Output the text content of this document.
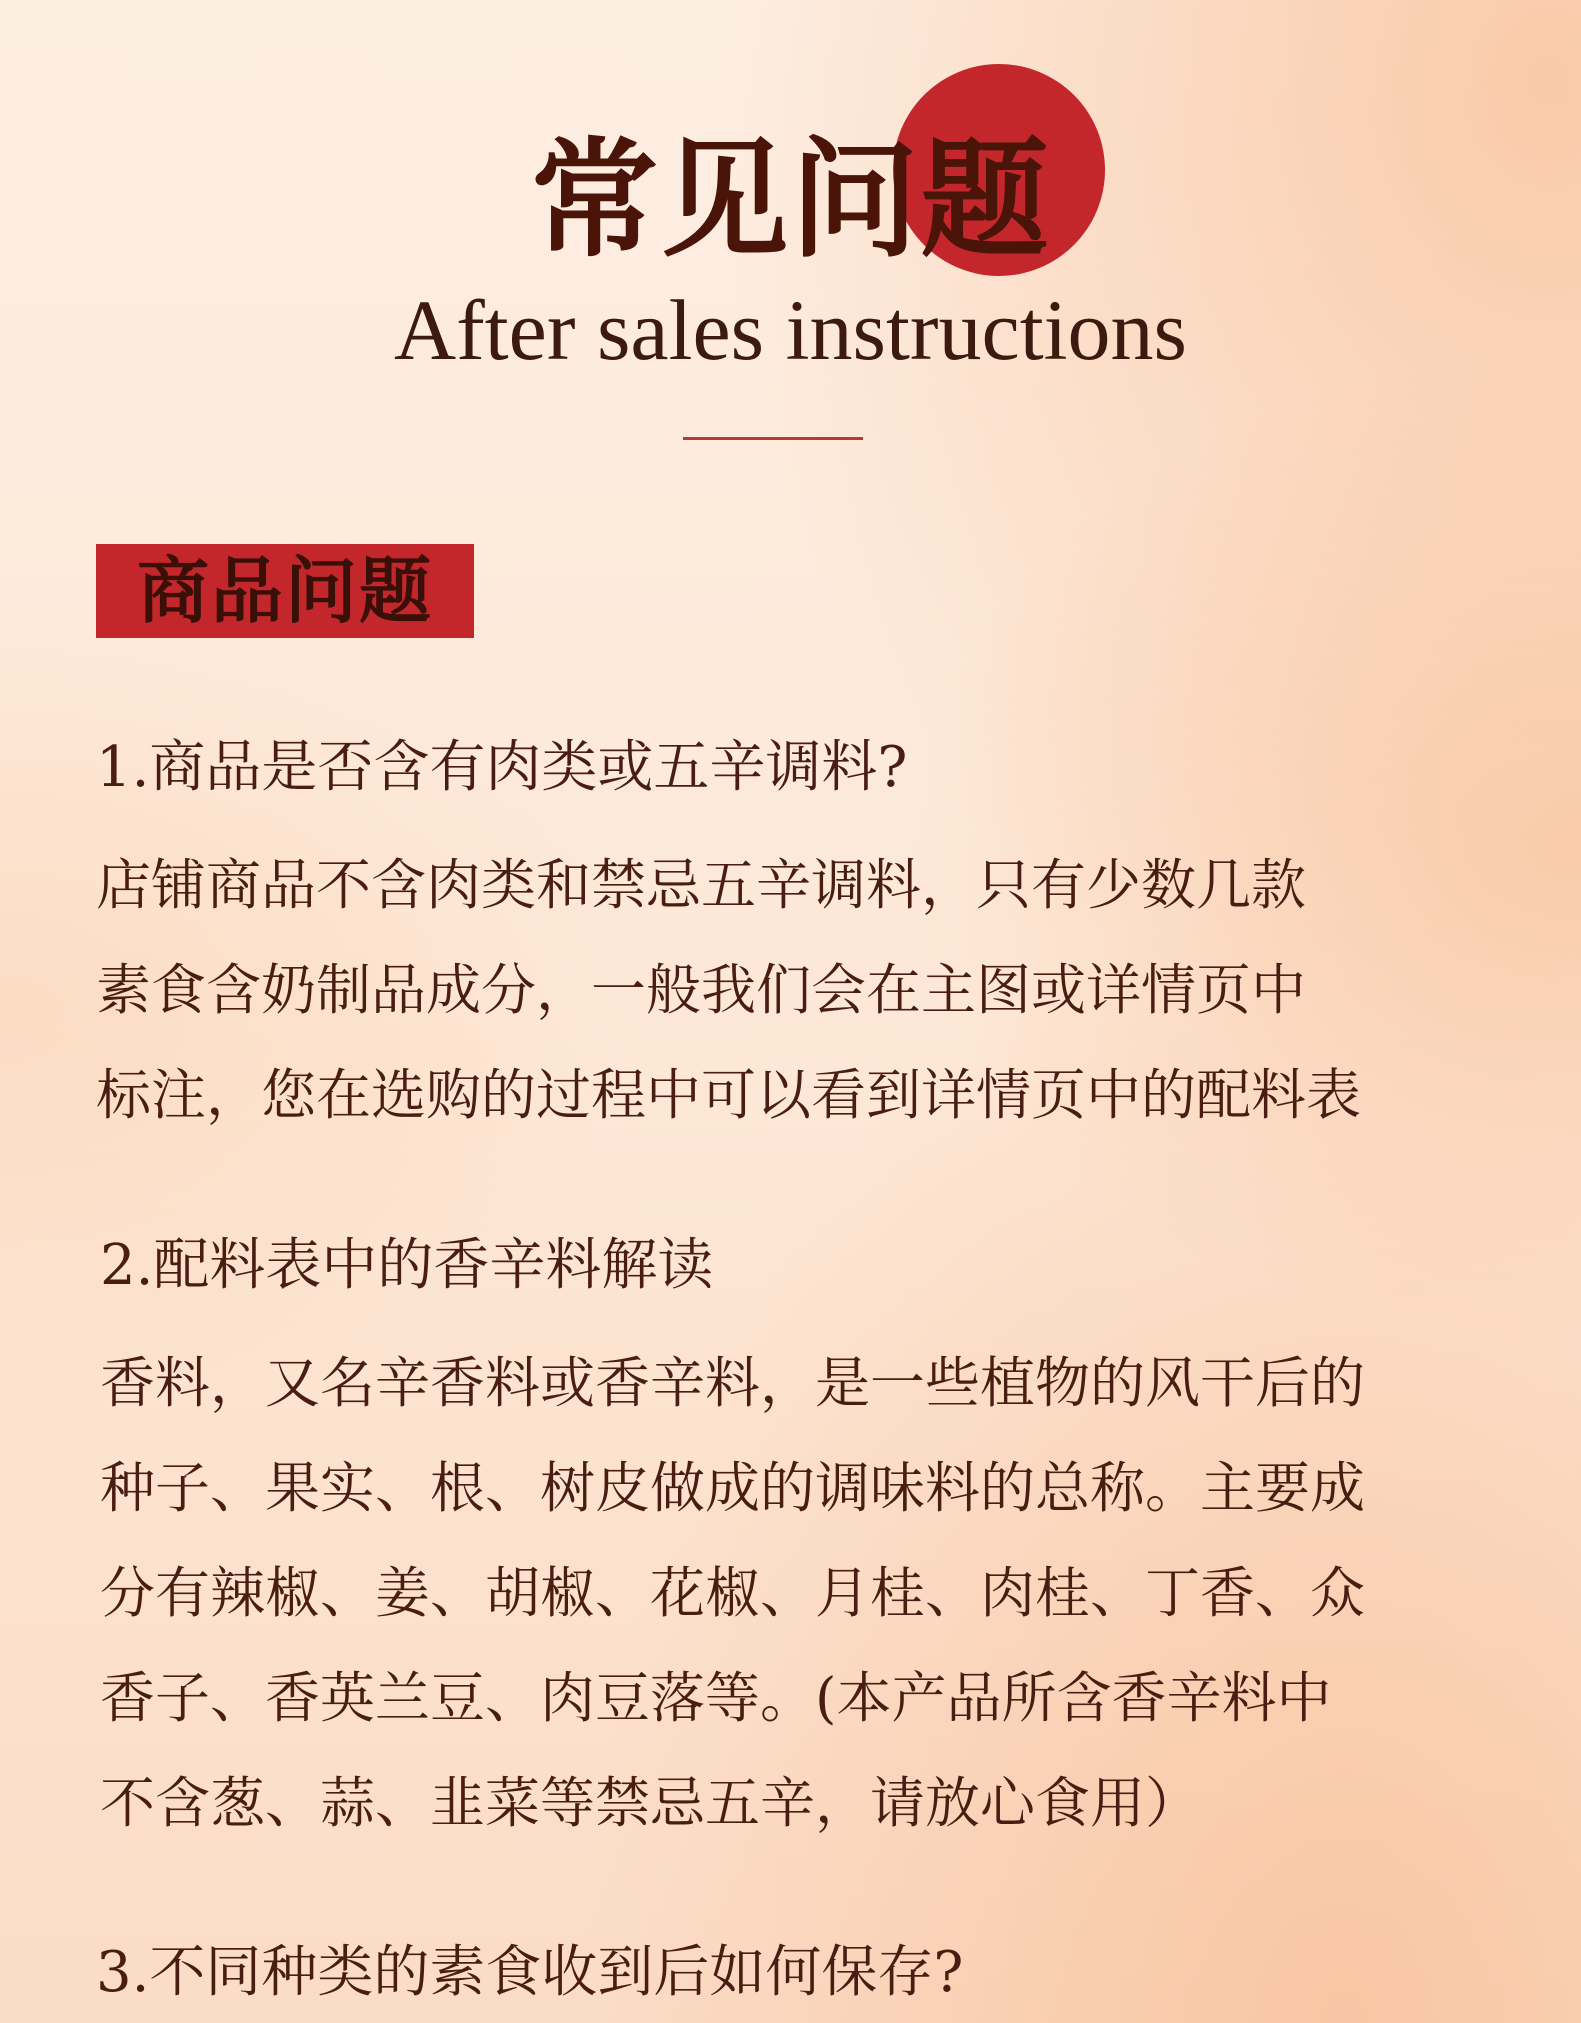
常见问题
After sales instructions
商品问题

1.商品是否含有肉类或五辛调料?

店铺商品不含肉类和禁忌五辛调料，只有少数几款
素食含奶制品成分，一般我们会在主图或详情页中
标注，您在选购的过程中可以看到详情页中的配料表

2.配料表中的香辛料解读

香料，又名辛香料或香辛料，是一些植物的风干后的
种子、果实、根、树皮做成的调味料的总称。主要成
分有辣椒、姜、胡椒、花椒、月桂、肉桂、丁香、众
香子、香英兰豆、肉豆落等。(本产品所含香辛料中
不含葱、蒜、韭菜等禁忌五辛，请放心食用）

3.不同种类的素食收到后如何保存?
